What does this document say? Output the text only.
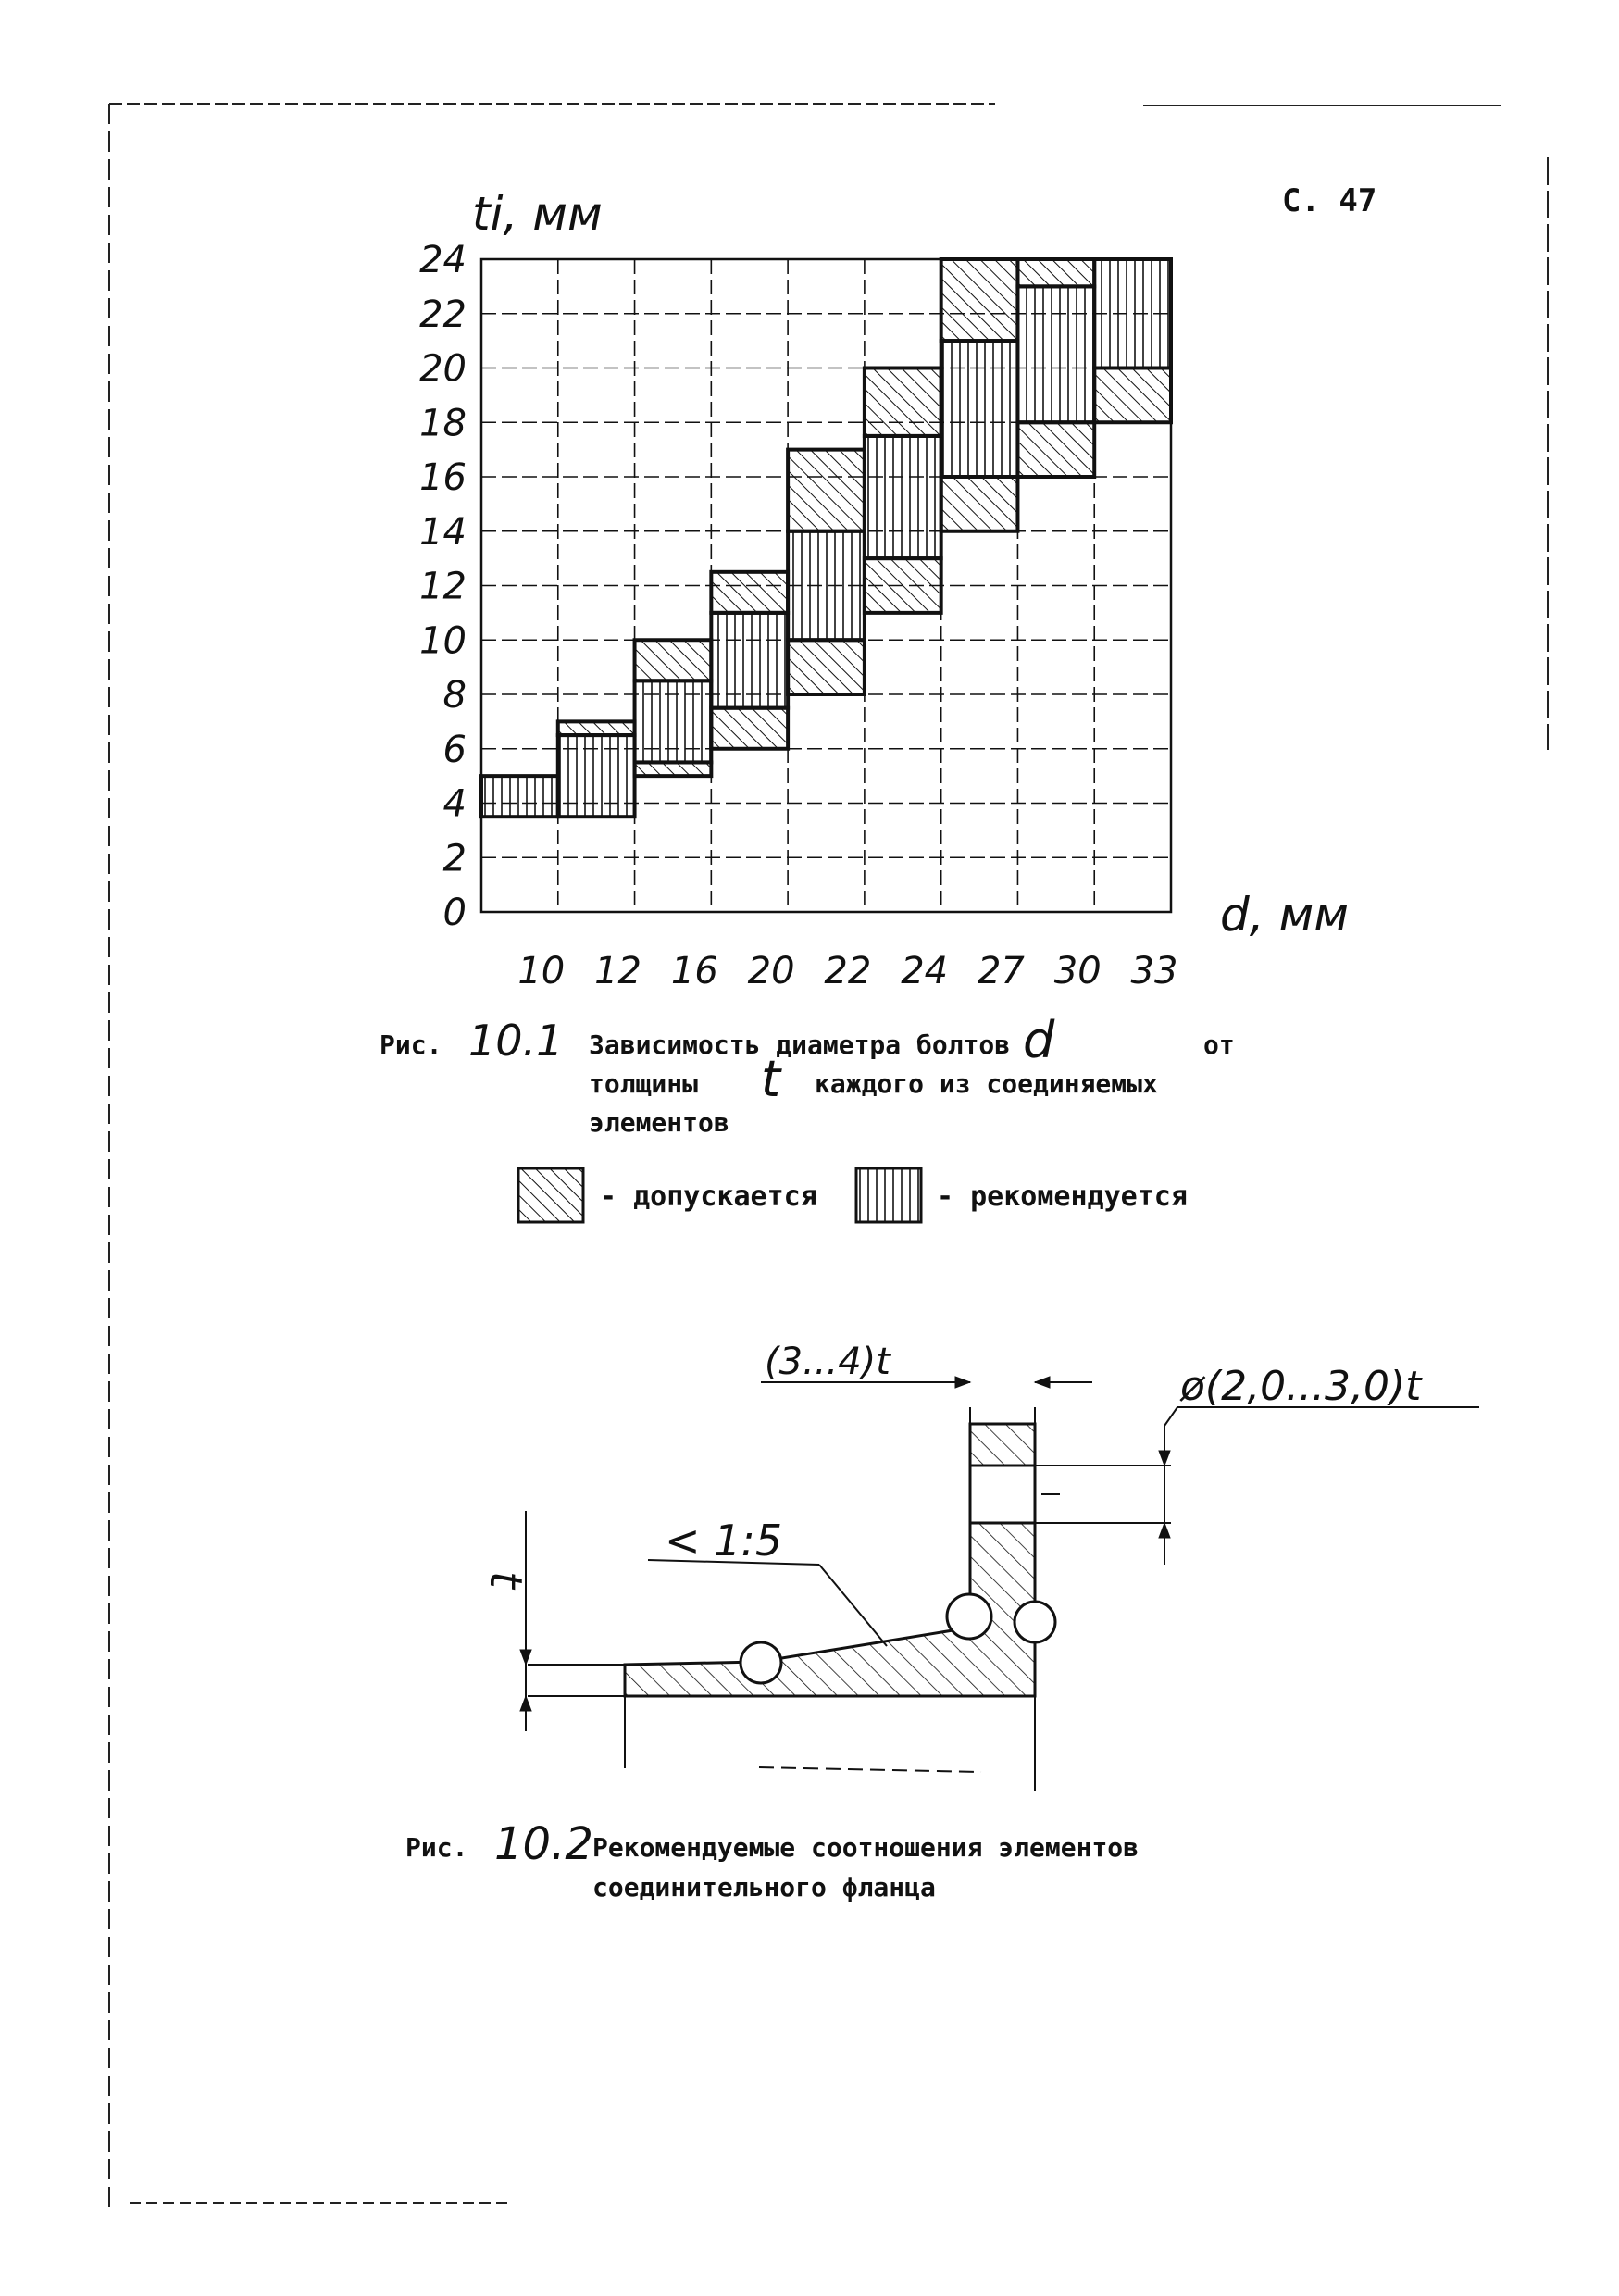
С. 47
0
2
4
6
8
10
12
14
16
18
20
22
24
10 12 16 20 22 24 27 30 33
ti, мм
d, мм
Рис. 10.1 Зависимость диаметра болтов d	от
толщины t каждого из соединяемых
элементов
- допускается	- рекомендуется
(3...4)t
ø(2,0...3,0)t
< 1:5
t
Рис. 10.2 Рекомендуемые соотношения элементов
соединительного фланца
